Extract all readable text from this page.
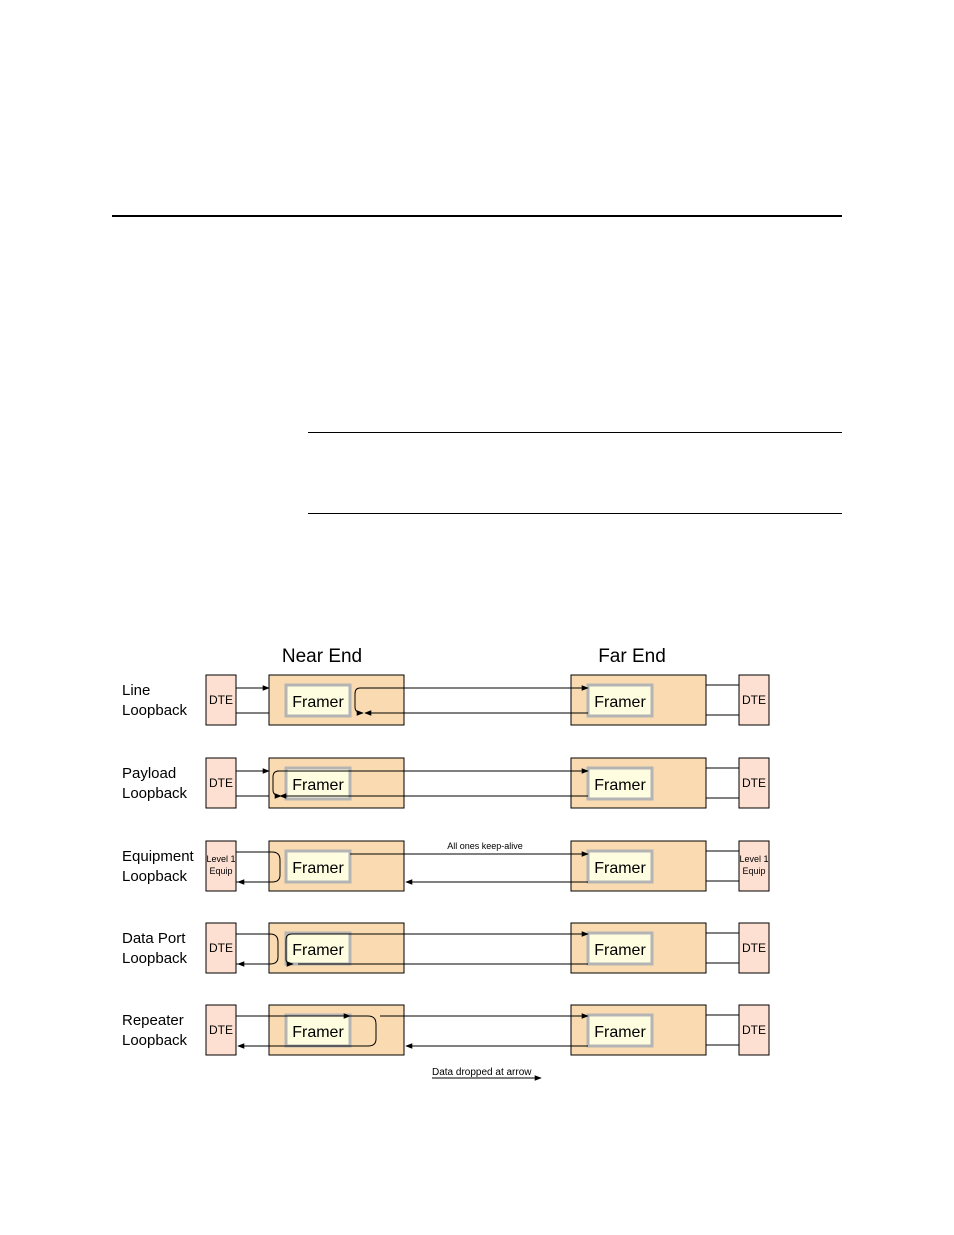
Near End	Far End
Line
Loopback
DTE	Framer	Framer	DTE
Payload
Loopback
DTE	Framer	Framer	DTE
Equipment
Loopback
Level 1
Equip	Framer	Framer
Level 1
Equip
All ones keep-alive
Data Port
Loopback
DTE	Framer	Framer	DTE
Repeater
Loopback
DTE	Framer	Framer	DTE
Data dropped at arrow
